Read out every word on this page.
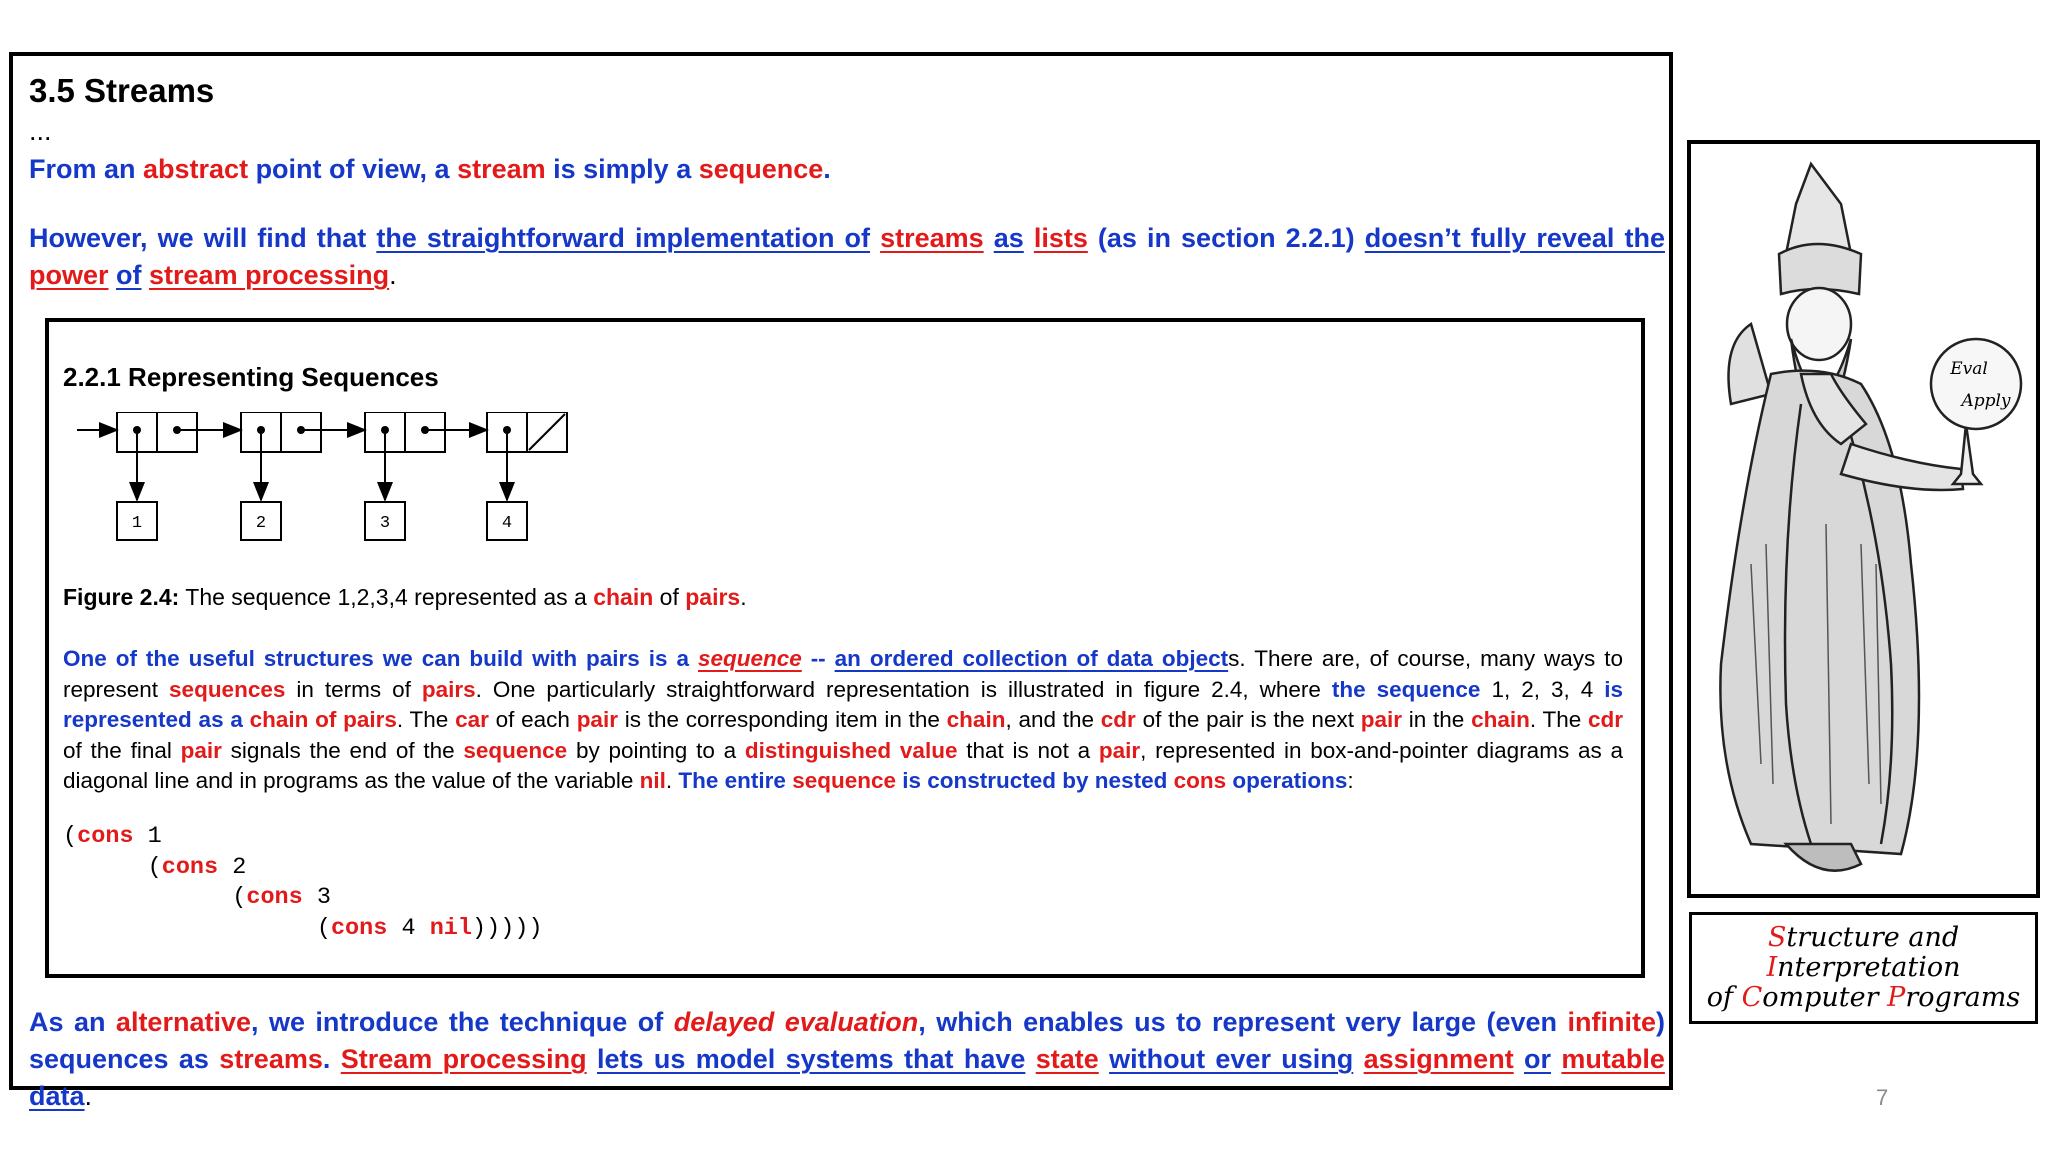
3.5 Streams
...
From an abstract point of view, a stream is simply a sequence.
However, we will find that the straightforward implementation of streams as lists (as in section 2.2.1) doesn’t fully reveal the power of stream processing.
2.2.1 Representing Sequences
1	2	3	4
Figure 2.4: The sequence 1,2,3,4 represented as a chain of pairs.
One of the useful structures we can build with pairs is a sequence -- an ordered collection of data objects. There are, of course, many ways to represent sequences in terms of pairs. One particularly straightforward representation is illustrated in figure 2.4, where the sequence 1, 2, 3, 4 is represented as a chain of pairs. The car of each pair is the corresponding item in the chain, and the cdr of the pair is the next pair in the chain. The cdr of the final pair signals the end of the sequence by pointing to a distinguished value that is not a pair, represented in box-and-pointer diagrams as a diagonal line and in programs as the value of the variable nil. The entire sequence is constructed by nested cons operations:
(cons 1
(cons 2
(cons 3
(cons 4 nil)))))
As an alternative, we introduce the technique of delayed evaluation, which enables us to represent very large (even infinite) sequences as streams. Stream processing lets us model systems that have state without ever using assignment or mutable data.
Eval
Apply
Structure and
Interpretation
of Computer Programs
7
